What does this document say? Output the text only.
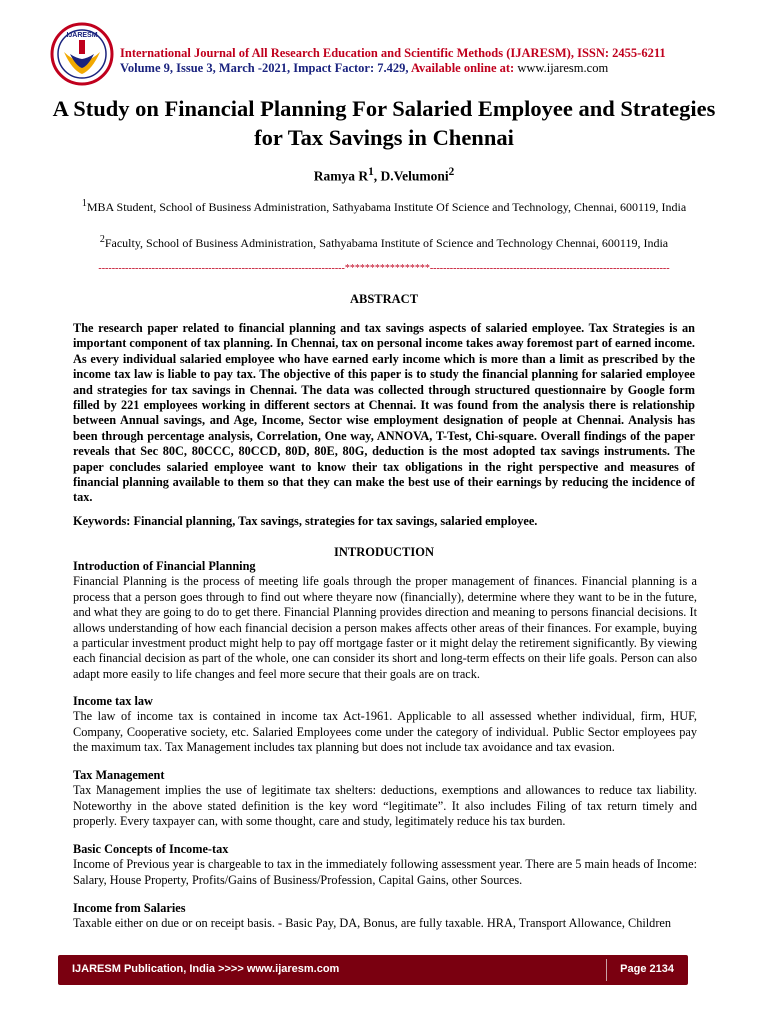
IJARESM
International Journal of All Research Education and Scientific Methods (IJARESM), ISSN: 2455-6211
Volume 9, Issue 3, March -2021, Impact Factor: 7.429, Available online at: www.ijaresm.com
A Study on Financial Planning For Salaried Employee and Strategies for Tax Savings in Chennai
Ramya $R^1$, D.Velumoni$^2$
$^1$MBA Student, School of Business Administration, Sathyabama Institute Of Science and Technology, Chennai, 600119, India
$^2$Faculty, School of Business Administration, Sathyabama Institute of Science and Technology Chennai, 600119, India
--------------------------------------------------------------------------*****************------------------------------------------------------------------------
ABSTRACT
The research paper related to financial planning and tax savings aspects of salaried employee. Tax Strategies is an important component of tax planning. In Chennai, tax on personal income takes away foremost part of earned income. As every individual salaried employee who have earned early income which is more than a limit as prescribed by the income tax law is liable to pay tax. The objective of this paper is to study the financial planning for salaried employee and strategies for tax savings in Chennai. The data was collected through structured questionnaire by Google form filled by 221 employees working in different sectors at Chennai. It was found from the analysis there is relationship between Annual savings, and Age, Income, Sector wise employment designation of people at Chennai. Analysis has been through percentage analysis, Correlation, One way, ANNOVA, T-Test, Chi-square. Overall findings of the paper reveals that Sec 80C, 80CCC, 80CCD, 80D, 80E, 80G, deduction is the most adopted tax savings instruments. The paper concludes salaried employee want to know their tax obligations in the right perspective and measures of financial planning available to them so that they can make the best use of their earnings by reducing the incidence of tax.
Keywords: Financial planning, Tax savings, strategies for tax savings, salaried employee.
INTRODUCTION
Introduction of Financial Planning

Financial Planning is the process of meeting life goals through the proper management of finances. Financial planning is a process that a person goes through to find out where theyare now (financially), determine where they want to be in the future, and what they are going to do to get there. Financial Planning provides direction and meaning to persons financial decisions. It allows understanding of how each financial decision a person makes affects other areas of their finances. For example, buying a particular investment product might help to pay off mortgage faster or it might delay the retirement significantly. By viewing each financial decision as part of the whole, one can consider its short and long-term effects on their life goals. Person can also adapt more easily to life changes and feel more secure that their goals are on track.

Income tax law

The law of income tax is contained in income tax Act-1961. Applicable to all assessed whether individual, firm, HUF, Company, Cooperative society, etc. Salaried Employees come under the category of individual. Public Sector employees pay the maximum tax. Tax Management includes tax planning but does not include tax avoidance and tax evasion.

Tax Management

Tax Management implies the use of legitimate tax shelters: deductions, exemptions and allowances to reduce tax liability. Noteworthy in the above stated definition is the key word “legitimate”. It also includes Filing of tax return timely and properly. Every taxpayer can, with some thought, care and study, legitimately reduce his tax burden.

Basic Concepts of Income-tax

Income of Previous year is chargeable to tax in the immediately following assessment year. There are 5 main heads of Income: Salary, House Property, Profits/Gains of Business/Profession, Capital Gains, other Sources.

Income from Salaries

Taxable either on due or on receipt basis. - Basic Pay, DA, Bonus, are fully taxable. HRA, Transport Allowance, Children

IJARESM Publication, India >>>> www.ijaresm.com	Page 2134
